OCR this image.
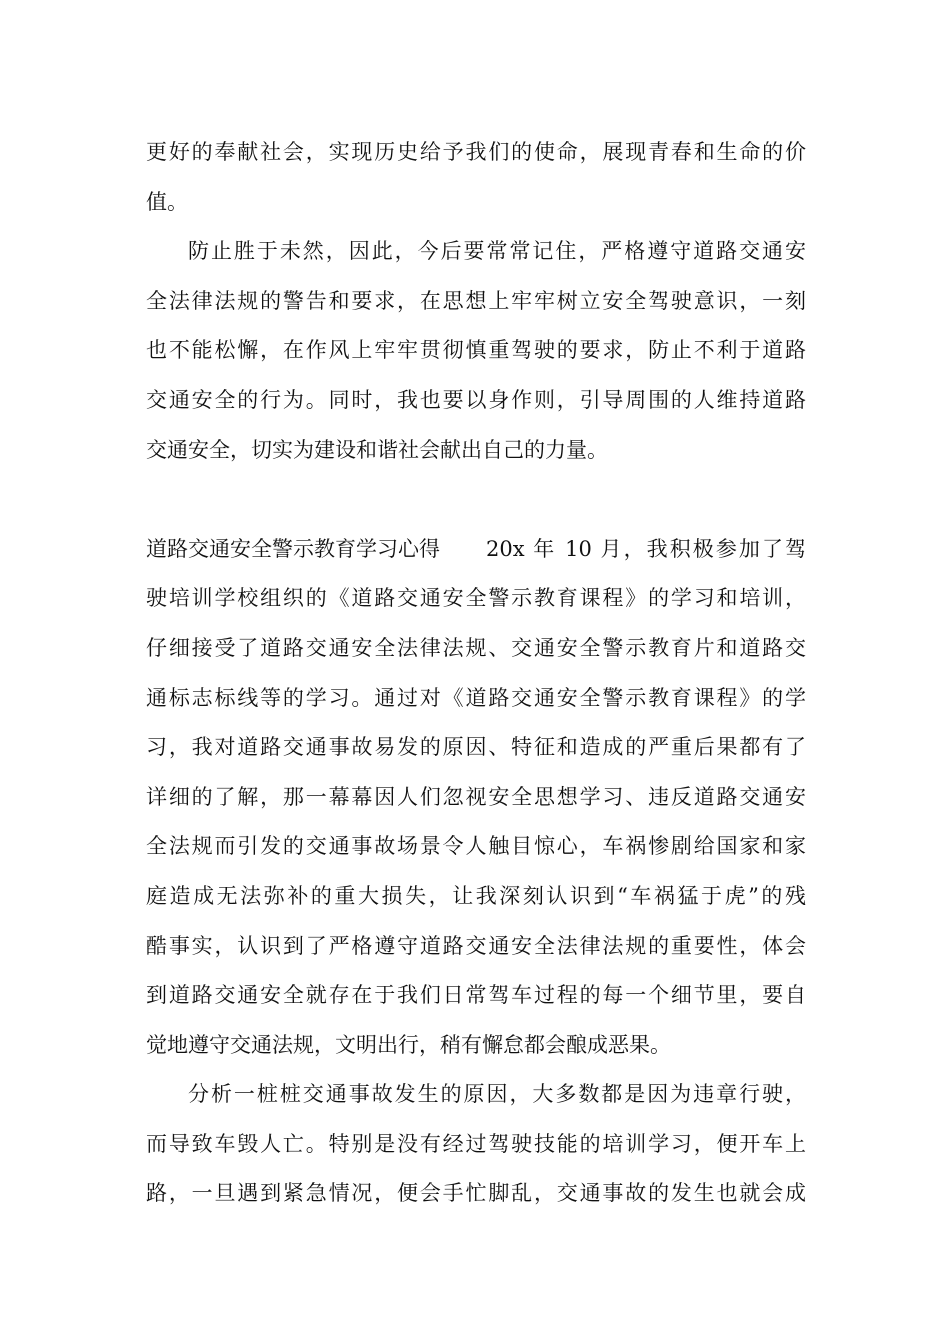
更好的奉献社会，实现历史给予我们的使命，展现青春和生命的价
值。
防止胜于未然，因此，今后要常常记住，严格遵守道路交通安
全法律法规的警告和要求，在思想上牢牢树立安全驾驶意识，一刻
也不能松懈，在作风上牢牢贯彻慎重驾驶的要求，防止不利于道路
交通安全的行为。同时，我也要以身作则，引导周围的人维持道路
交通安全，切实为建设和谐社会献出自己的力量。
道路交通安全警示教育学习心得	20x 年 10 月，我积极参加了驾
驶培训学校组织的《道路交通安全警示教育课程》的学习和培训，
仔细接受了道路交通安全法律法规、交通安全警示教育片和道路交
通标志标线等的学习。通过对《道路交通安全警示教育课程》的学
习，我对道路交通事故易发的原因、特征和造成的严重后果都有了
详细的了解，那一幕幕因人们忽视安全思想学习、违反道路交通安
全法规而引发的交通事故场景令人触目惊心，车祸惨剧给国家和家
庭造成无法弥补的重大损失，让我深刻认识到“车祸猛于虎”的残
酷事实，认识到了严格遵守道路交通安全法律法规的重要性，体会
到道路交通安全就存在于我们日常驾车过程的每一个细节里，要自
觉地遵守交通法规，文明出行，稍有懈怠都会酿成恶果。
分析一桩桩交通事故发生的原因，大多数都是因为违章行驶，
而导致车毁人亡。特别是没有经过驾驶技能的培训学习，便开车上
路，一旦遇到紧急情况，便会手忙脚乱，交通事故的发生也就会成
